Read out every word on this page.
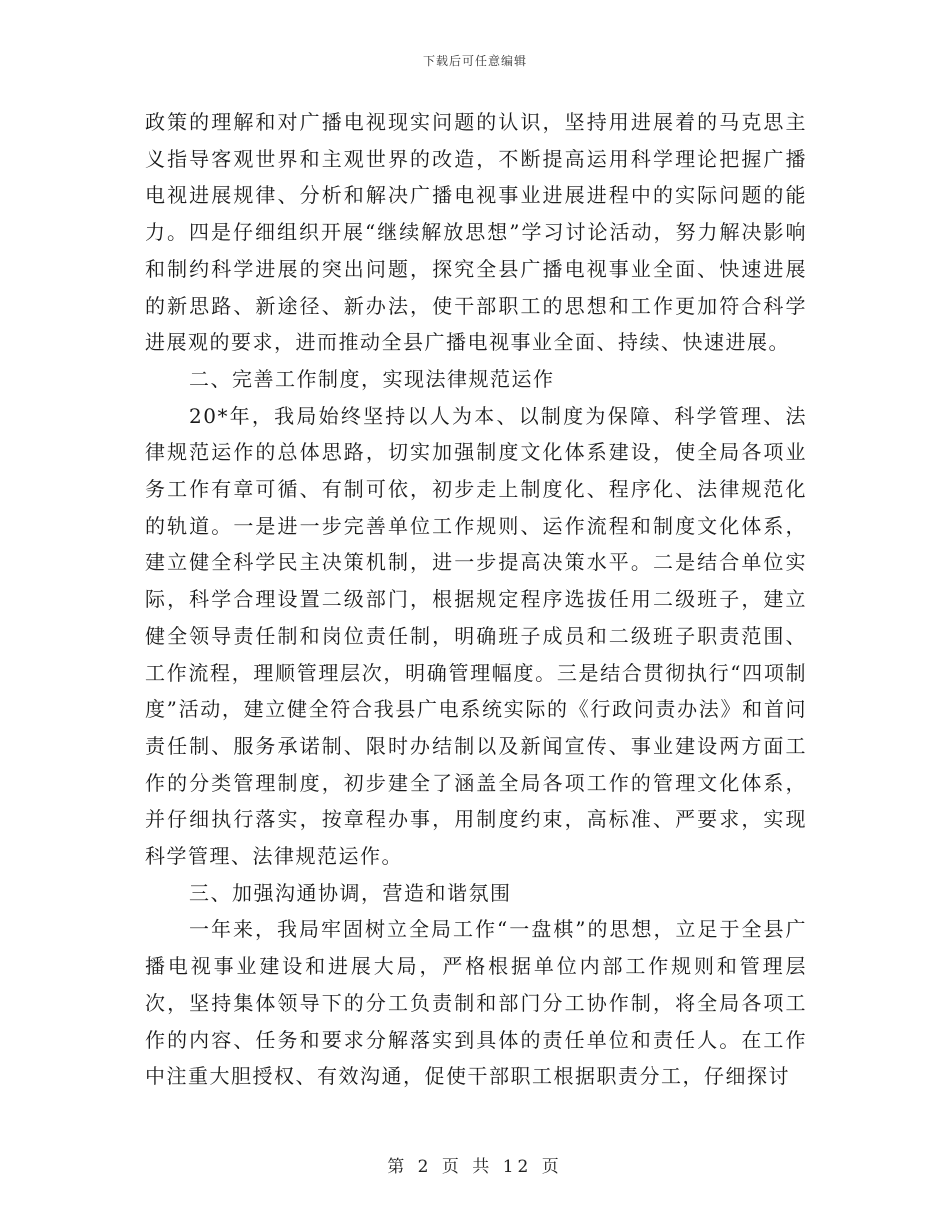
下载后可任意编辑

政策的理解和对广播电视现实问题的认识，坚持用进展着的马克思主义指导客观世界和主观世界的改造，不断提高运用科学理论把握广播电视进展规律、分析和解决广播电视事业进展进程中的实际问题的能力。四是仔细组织开展“继续解放思想”学习讨论活动，努力解决影响和制约科学进展的突出问题，探究全县广播电视事业全面、快速进展的新思路、新途径、新办法，使干部职工的思想和工作更加符合科学进展观的要求，进而推动全县广播电视事业全面、持续、快速进展。

二、完善工作制度，实现法律规范运作

20*年，我局始终坚持以人为本、以制度为保障、科学管理、法律规范运作的总体思路，切实加强制度文化体系建设，使全局各项业务工作有章可循、有制可依，初步走上制度化、程序化、法律规范化的轨道。一是进一步完善单位工作规则、运作流程和制度文化体系，建立健全科学民主决策机制，进一步提高决策水平。二是结合单位实际，科学合理设置二级部门，根据规定程序选拔任用二级班子，建立健全领导责任制和岗位责任制，明确班子成员和二级班子职责范围、工作流程，理顺管理层次，明确管理幅度。三是结合贯彻执行“四项制度”活动，建立健全符合我县广电系统实际的《行政问责办法》和首问责任制、服务承诺制、限时办结制以及新闻宣传、事业建设两方面工作的分类管理制度，初步建全了涵盖全局各项工作的管理文化体系，并仔细执行落实，按章程办事，用制度约束，高标准、严要求，实现科学管理、法律规范运作。

三、加强沟通协调，营造和谐氛围

一年来，我局牢固树立全局工作“一盘棋”的思想，立足于全县广播电视事业建设和进展大局，严格根据单位内部工作规则和管理层次，坚持集体领导下的分工负责制和部门分工协作制，将全局各项工作的内容、任务和要求分解落实到具体的责任单位和责任人。在工作中注重大胆授权、有效沟通，促使干部职工根据职责分工，仔细探讨

第 2 页 共 12 页
